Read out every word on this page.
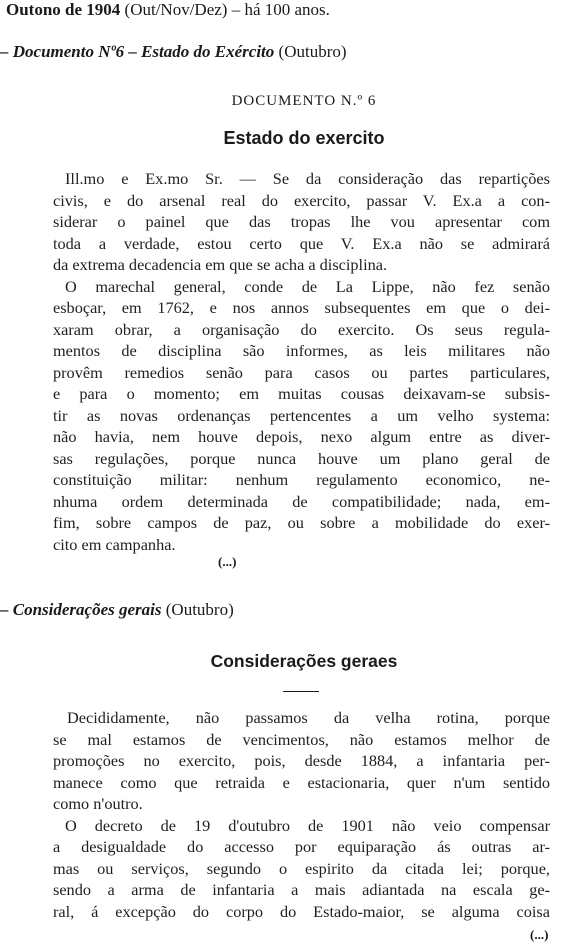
Outono de 1904 (Out/Nov/Dez) – há 100 anos.
– Documento Nº6 – Estado do Exército (Outubro)
DOCUMENTO N.º 6
Estado do exercito
Ill.mo e Ex.mo Sr. — Se da consideração das repartições
civis, e do arsenal real do exercito, passar V. Ex.a a con-
siderar o painel que das tropas lhe vou apresentar com
toda a verdade, estou certo que V. Ex.a não se admirará
da extrema decadencia em que se acha a disciplina.
O marechal general, conde de La Lippe, não fez senão
esboçar, em 1762, e nos annos subsequentes em que o dei-
xaram obrar, a organisação do exercito. Os seus regula-
mentos de disciplina são informes, as leis militares não
provêm remedios senão para casos ou partes particulares,
e para o momento; em muitas cousas deixavam-se subsis-
tir as novas ordenanças pertencentes a um velho systema:
não havia, nem houve depois, nexo algum entre as diver-
sas regulações, porque nunca houve um plano geral de
constituição militar: nenhum regulamento economico, ne-
nhuma ordem determinada de compatibilidade; nada, em-
fim, sobre campos de paz, ou sobre a mobilidade do exer-
cito em campanha.
(...)
– Considerações gerais (Outubro)
Considerações geraes
Decididamente, não passamos da velha rotina, porque
se mal estamos de vencimentos, não estamos melhor de
promoções no exercito, pois, desde 1884, a infantaria per-
manece como que retraida e estacionaria, quer n'um sentido
como n'outro.
O decreto de 19 d'outubro de 1901 não veio compensar
a desigualdade do accesso por equiparação ás outras ar-
mas ou serviços, segundo o espirito da citada lei; porque,
sendo a arma de infantaria a mais adiantada na escala ge-
ral, á excepção do corpo do Estado-maior, se alguma coisa
(...)
